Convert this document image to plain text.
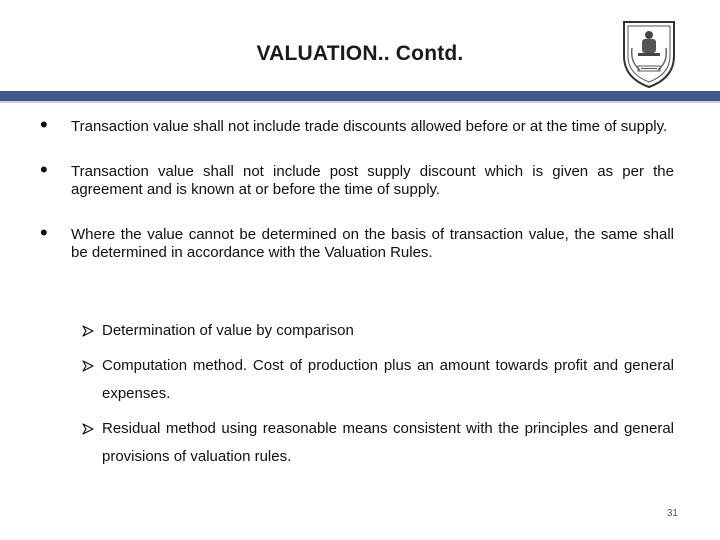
VALUATION.. Contd.
• Transaction value shall not include trade discounts allowed before or at the time of supply.
• Transaction value shall not include post supply discount which is given as per the agreement and is known at or before the time of supply.
• Where the value cannot be determined on the basis of transaction value, the same shall be determined in accordance with the Valuation Rules.
Determination of value by comparison
Computation method. Cost of production plus an amount towards profit and general expenses.
Residual method using reasonable means consistent with the principles and general provisions of valuation rules.
31
